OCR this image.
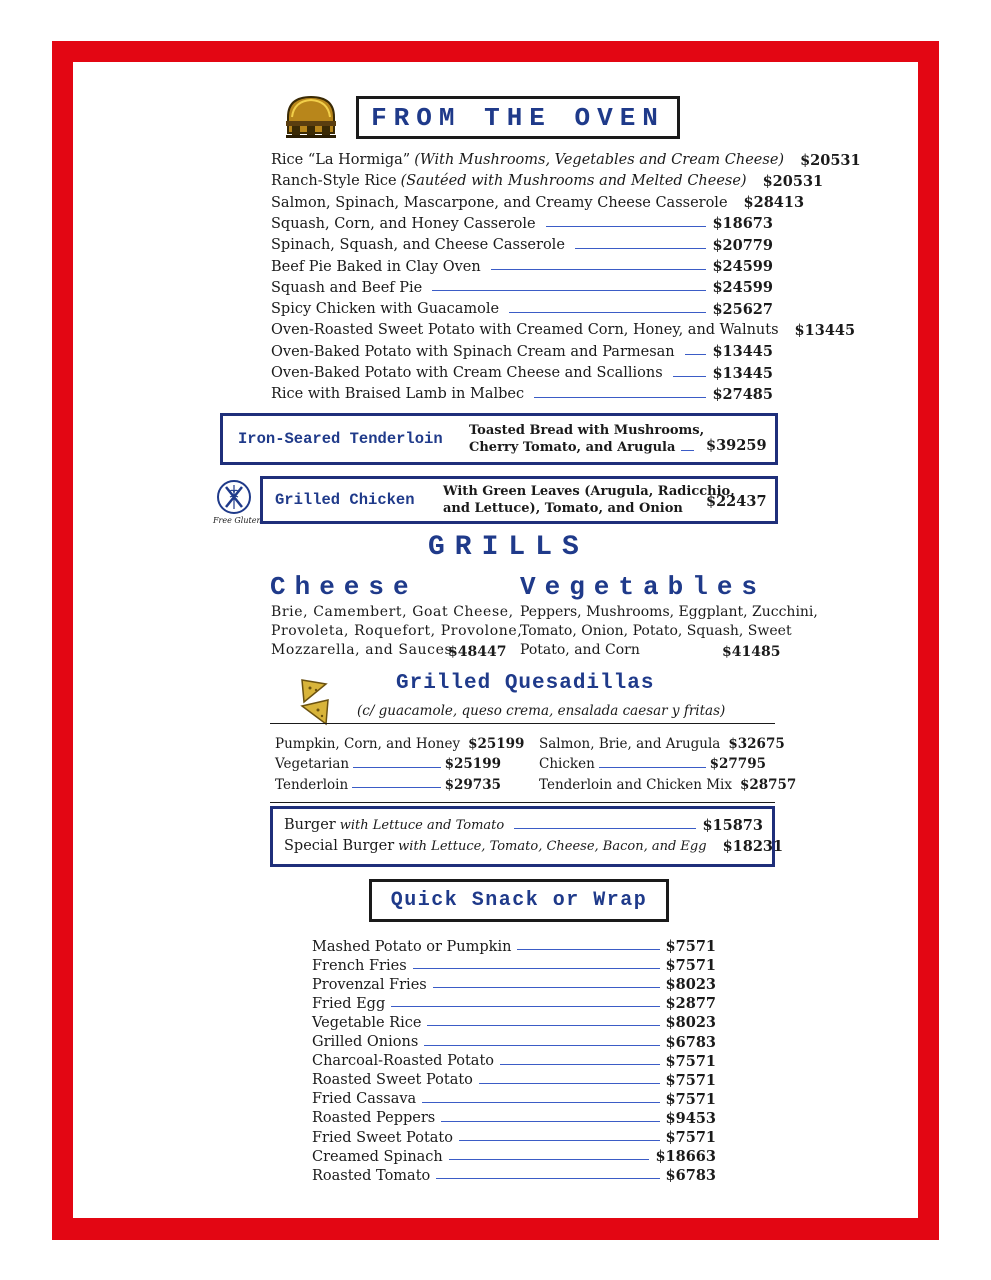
FROM THE OVEN
Rice “La Hormiga” (With Mushrooms, Vegetables and Cream Cheese) $20531
Ranch-Style Rice (Sautéed with Mushrooms and Melted Cheese) $20531
Salmon, Spinach, Mascarpone, and Creamy Cheese Casserole $28413
Squash, Corn, and Honey Casserole	$18673
Spinach, Squash, and Cheese Casserole	$20779
Beef Pie Baked in Clay Oven	$24599
Squash and Beef Pie	$24599
Spicy Chicken with Guacamole	$25627
Oven-Roasted Sweet Potato with Creamed Corn, Honey, and Walnuts $13445
Oven-Baked Potato with Spinach Cream and Parmesan	$13445
Oven-Baked Potato with Cream Cheese and Scallions	$13445
Rice with Braised Lamb in Malbec	$27485
Iron-Seared Tenderloin Toasted Bread with Mushrooms,
Cherry Tomato, and Arugula $39259
Free Gluten
Grilled Chicken With Green Leaves (Arugula, Radicchio,
and Lettuce), Tomato, and Onion $22437
GRILLS
Cheese
Brie, Camembert, Goat Cheese,
Provoleta, Roquefort, Provolone,
Mozzarella, and Sauces
$48447
Vegetables
Peppers, Mushrooms, Eggplant, Zucchini,
Tomato, Onion, Potato, Squash, Sweet
Potato, and Corn	$41485
Grilled Quesadillas
(c/ guacamole, queso crema, ensalada caesar y fritas)
Pumpkin, Corn, and Honey $25199
Vegetarian	$25199
Tenderloin	$29735
Salmon, Brie, and Arugula $32675
Chicken	$27795
Tenderloin and Chicken Mix $28757
Burger with Lettuce and Tomato	$15873
Special Burger with Lettuce, Tomato, Cheese, Bacon, and Egg $18231
Quick Snack or Wrap
Mashed Potato or Pumpkin	$7571
French Fries	$7571
Provenzal Fries	$8023
Fried Egg	$2877
Vegetable Rice	$8023
Grilled Onions	$6783
Charcoal-Roasted Potato	$7571
Roasted Sweet Potato	$7571
Fried Cassava	$7571
Roasted Peppers	$9453
Fried Sweet Potato	$7571
Creamed Spinach	$18663
Roasted Tomato	$6783
